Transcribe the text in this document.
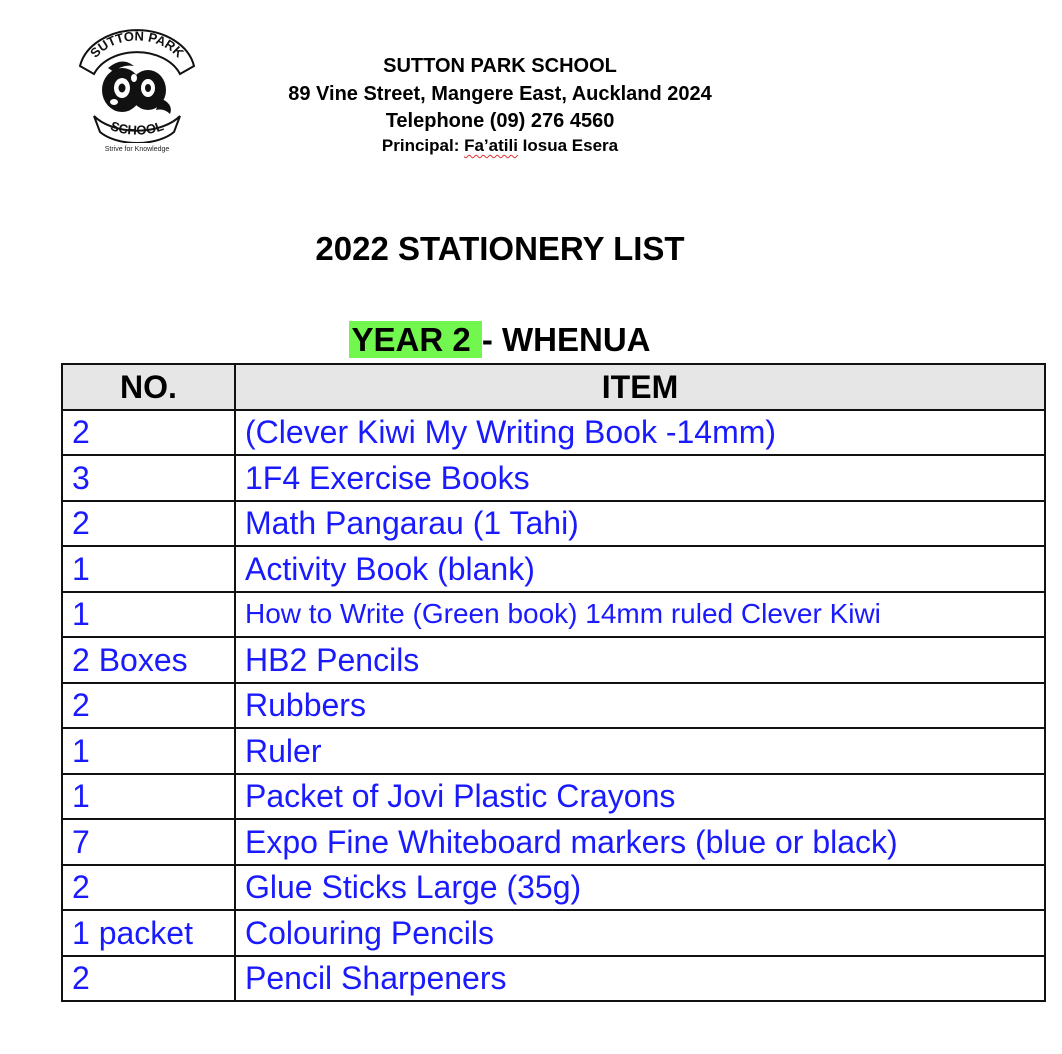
SUTTON PARK
SCHOOL
Strive for Knowledge
SUTTON PARK SCHOOL
89 Vine Street, Mangere East, Auckland 2024
Telephone (09) 276 4560
Principal: Fa’atili Iosua Esera
2022 STATIONERY LIST
YEAR 2 - WHENUA
NO.	ITEM
2	(Clever Kiwi My Writing Book -14mm)
3	1F4 Exercise Books
2	Math Pangarau (1 Tahi)
1	Activity Book (blank)
1	How to Write (Green book) 14mm ruled Clever Kiwi
2 Boxes	HB2 Pencils
2	Rubbers
1	Ruler
1	Packet of Jovi Plastic Crayons
7	Expo Fine Whiteboard markers (blue or black)
2	Glue Sticks Large (35g)
1 packet	Colouring Pencils
2	Pencil Sharpeners
